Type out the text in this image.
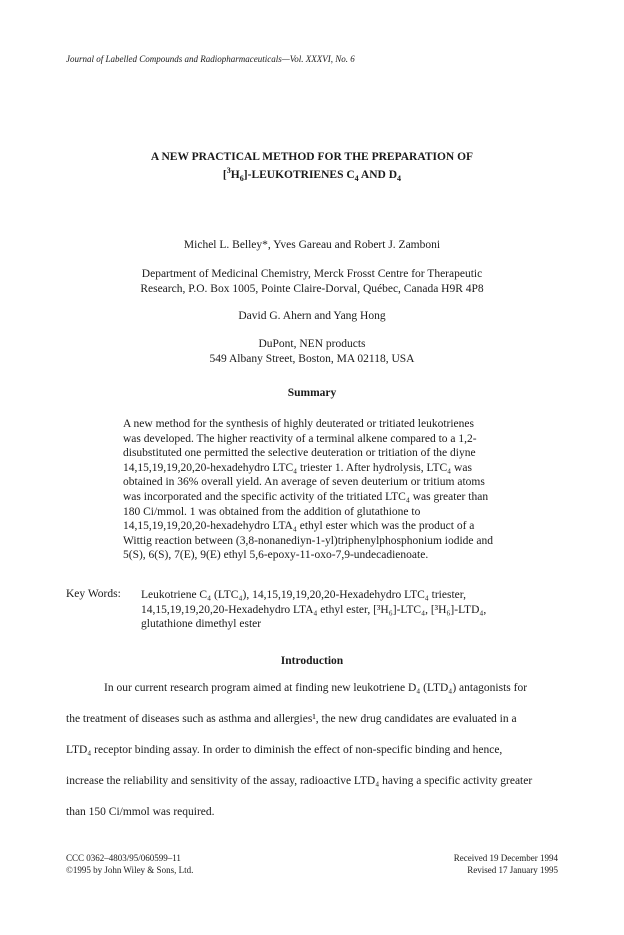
Journal of Labelled Compounds and Radiopharmaceuticals—Vol. XXXVI, No. 6
A NEW PRACTICAL METHOD FOR THE PREPARATION OF
$[^3H_6]$-LEUKOTRIENES $C_4$ AND $D_4$
Michel L. Belley*, Yves Gareau and Robert J. Zamboni
Department of Medicinal Chemistry, Merck Frosst Centre for Therapeutic
Research, P.O. Box 1005, Pointe Claire-Dorval, Québec, Canada H9R 4P8
David G. Ahern and Yang Hong
DuPont, NEN products
549 Albany Street, Boston, MA 02118, USA
Summary
A new method for the synthesis of highly deuterated or tritiated leukotrienes
was developed. The higher reactivity of a terminal alkene compared to a 1,2-
disubstituted one permitted the selective deuteration or tritiation of the diyne
14,15,19,19,20,20-hexadehydro LTC₄ triester 1. After hydrolysis, LTC₄ was
obtained in 36% overall yield. An average of seven deuterium or tritium atoms
was incorporated and the specific activity of the tritiated LTC₄ was greater than
180 Ci/mmol. 1 was obtained from the addition of glutathione to
14,15,19,19,20,20-hexadehydro LTA₄ ethyl ester which was the product of a
Wittig reaction between (3,8-nonanediyn-1-yl)triphenylphosphonium iodide and
5(S), 6(S), 7(E), 9(E) ethyl 5,6-epoxy-11-oxo-7,9-undecadienoate.
Key Words: Leukotriene C₄ (LTC₄), 14,15,19,19,20,20-Hexadehydro LTC₄ triester,
14,15,19,19,20,20-Hexadehydro LTA₄ ethyl ester, [³H₆]-LTC₄, [³H₆]-LTD₄,
glutathione dimethyl ester
Introduction
In our current research program aimed at finding new leukotriene D₄ (LTD₄) antagonists for
the treatment of diseases such as asthma and allergies¹, the new drug candidates are evaluated in a
LTD₄ receptor binding assay. In order to diminish the effect of non-specific binding and hence,
increase the reliability and sensitivity of the assay, radioactive LTD₄ having a specific activity greater
than 150 Ci/mmol was required.
CCC 0362–4803/95/060599–11
©1995 by John Wiley & Sons, Ltd.
Received 19 December 1994
Revised 17 January 1995
